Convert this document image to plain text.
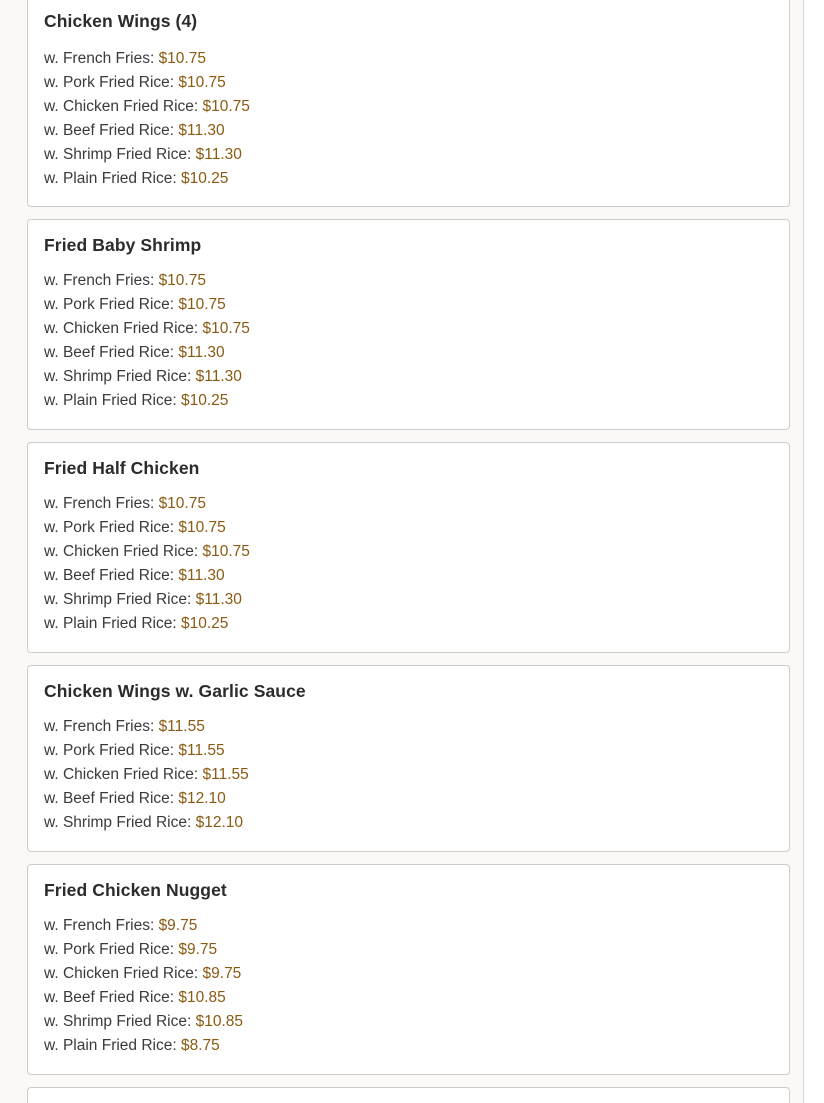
Chicken Wings (4)
w. French Fries: $10.75
w. Pork Fried Rice: $10.75
w. Chicken Fried Rice: $10.75
w. Beef Fried Rice: $11.30
w. Shrimp Fried Rice: $11.30
w. Plain Fried Rice: $10.25
Fried Baby Shrimp
w. French Fries: $10.75
w. Pork Fried Rice: $10.75
w. Chicken Fried Rice: $10.75
w. Beef Fried Rice: $11.30
w. Shrimp Fried Rice: $11.30
w. Plain Fried Rice: $10.25
Fried Half Chicken
w. French Fries: $10.75
w. Pork Fried Rice: $10.75
w. Chicken Fried Rice: $10.75
w. Beef Fried Rice: $11.30
w. Shrimp Fried Rice: $11.30
w. Plain Fried Rice: $10.25
Chicken Wings w. Garlic Sauce
w. French Fries: $11.55
w. Pork Fried Rice: $11.55
w. Chicken Fried Rice: $11.55
w. Beef Fried Rice: $12.10
w. Shrimp Fried Rice: $12.10
Fried Chicken Nugget
w. French Fries: $9.75
w. Pork Fried Rice: $9.75
w. Chicken Fried Rice: $9.75
w. Beef Fried Rice: $10.85
w. Shrimp Fried Rice: $10.85
w. Plain Fried Rice: $8.75
